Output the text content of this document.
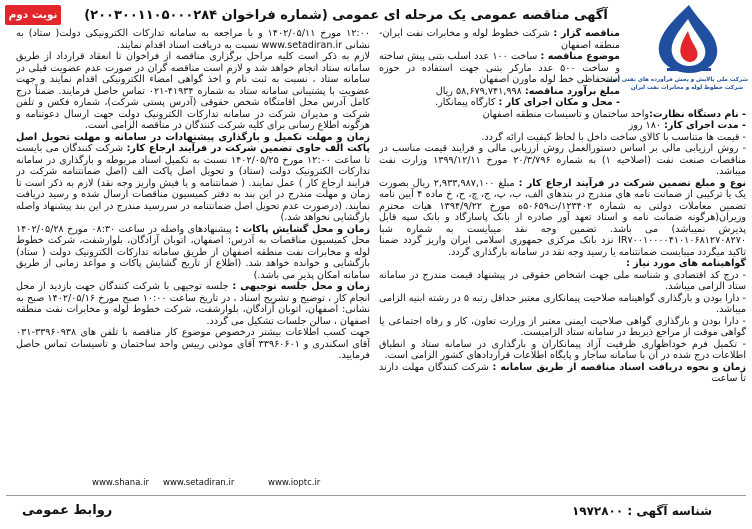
نوبت دوم	آگهی مناقصه عمومی یک مرحله ای عمومی (شماره فراخوان ۲۰۰۳۰۰۱۱۰۵۰۰۰۲۸۴)
شرکت ملی پالایش و پخش فرآورده های نفتی ایران
شرکت خطوط لوله و مخابرات نفت ایران

مناقصه گزار : شرکت خطوط لوله و مخابرات نفت ایران-منطقه اصفهان

موضوع مناقصه : ساخت ۱۰۰ عدد اسلب بتنی پیش ساخته و ساخت ۵۰۰ عدد مارکر بتنی جهت استفاده در حوزه استحفاظی خط لوله ماورن اصفهان

مبلغ برآورد مناقصه: ۵۸,۶۷۹,۷۴۱,۹۹۸ ریال

- محل و مکان اجرای کار : کارگاه پیمانکار.

- نام دستگاه نظارت:واحد ساختمان و تاسیسات منطقه اصفهان

- مدت اجرای کار: ۱۸۰ روز

- قیمت ها متناسب با کالای ساخت داخل با لحاظ کیفیت ارائه گردد.

- روش ارزیابی مالی بر اساس دستورالعمل روش ارزیابی مالی و فرایند قیمت مناسب در مناقصات صنعت نفت (اصلاحیه ۱) به شماره ۲۰/۳/۷۹۶ مورخ ۱۳۹۹/۱۲/۱۱ وزارت نفت میباشد.

نوع و مبلغ تضمین شرکت در فرآیند ارجاع کار : مبلغ ۲,۹۳۳,۹۸۷,۱۰۰ ریال بصورت یک یا ترکیبی از ضمانت نامه های مندرج در بندهای الف، ب، پ، ج، چ، ح، خ ماده ۴ آیین نامه تضمین معاملات دولتی به شماره ۱۲۳۴۰۲/ت۵۰۶۵۹ه مورخ ۱۳۹۴/۹/۲۲ هیات محترم وزیران(هرگونه ضمانت نامه و اسناد تعهد آور صادره از بانک پاسارگاد و بانک سپه قابل پذیرش نمیباشد) می باشد. تضمین وجه نقد میبایست به شماره شبا IR۷۰۰۱۰۰۰۰۴۱۰۱۰۶۸۱۲۷۰۸۲۷۰ نزد بانک مرکزی جمهوری اسلامی ایران واریز گردد ضمنا تاکید میگردد میبایست ضمانتنامه یا رسید وجه نقد در سامانه بارگذاری گردد.

گواهینامه های مورد نیاز :

- درج کد اقتصادی و شناسه ملی جهت اشخاص حقوقی در پیشنهاد قیمت مندرج در سامانه ستاد الزامی میباشد.

- دارا بودن و بارگذاری گواهینامه صلاحیت پیمانکاری معتبر حداقل رتبه ۵ در رشته ابنیه الزامی میباشد.

- دارا بودن و بارگذاری گواهی صلاحیت ایمنی معتبر از وزارت تعاون، کار و رفاه اجتماعی یا گواهی موقت از مراجع ذیربط در سامانه ستاد الزامیست.

- تکمیل فرم خوداظهاری ظرفیت آزاد پیمانکاران و بارگذاری در سامانه ستاد و انطباق اطلاعات درج شده در آن با سامانه ساجار و پایگاه اطلاعات قراردادهای کشور الزامی است.

زمان و نحوه دریافت اسناد مناقصه از طریق سامانه : شرکت کنندگان مهلت دارند تا ساعت

۱۲:۰۰ مورخ ۱۴۰۲/۰۵/۱۱ و با مراجعه به سامانه تدارکات الکترونیکی دولت( ستاد) به نشانی www.setadiran.ir نسبت به دریافت اسناد اقدام نمایند.

لازم به ذکر است کلیه مراحل برگزاری مناقصه از فراخوان تا انعقاد قرارداد از طریق سامانه ستاد انجام خواهد شد و لازم است مناقصه گران در صورت عدم عضویت قبلی در سامانه ستاد ، نسبت به ثبت نام و اخذ گواهی امضاء الکترونیکی اقدام نمایند و جهت عضویت با پشتیبانی سامانه ستاد به شماره ۴۱۹۳۴-۰۲۱ تماس حاصل فرمایند. ضمناً درج کامل آدرس محل اقامتگاه شخص حقوقی (آدرس پستی شرکت)، شماره فکس و تلفن شرکت و مدیران شرکت در سامانه تدارکات الکترونیک دولت جهت ارسال دعوتنامه و هرگونه اطلاع رسانی برای کلیه شرکت کنندگان در مناقصه الزامی است.

زمان و مهلت تکمیل و بارگذاری پیشنهادات در سامانه و مهلت تحویل اصل پاکت الف حاوی تضمین شرکت در فرآیند ارجاع کار: شرکت کنندگان می بایست تا ساعت ۱۲:۰۰ مورخ ۱۴۰۲/۰۵/۲۵ نسبت به تکمیل اسناد مربوطه و بارگذاری در سامانه تدارکات الکترونیک دولت (ستاد) و تحویل اصل پاکت الف (اصل ضمانتنامه شرکت در فرایند ارجاع کار ) عمل نمایند. ( ضمانتنامه و یا فیش واریز وجه نقد) لازم به ذکر است تا زمان و مهلت مندرج در این بند به دفتر کمیسیون مناقصات ارسال شده و رسید دریافت نمایند. (درصورت عدم تحویل اصل ضمانتنامه در سررسید مندرج در این بند پیشنهاد واصله بازگشایی نخواهد شد.)

زمان و محل گشایش پاکات : پیشنهادهای واصله در ساعت ۰۸:۳۰ مورخ ۱۴۰۲/۰۵/۲۸ محل کمیسیون مناقصات به آدرس: اصفهان، اتوبان آزادگان، بلوارشفت، شرکت خطوط لوله و مخابرات نفت منطقه اصفهان از طریق سامانه تدارکات الکترونیک دولت ( ستاد) بازگشایی و خوانده خواهد شد. (اطلاع از تاریخ گشایش پاکات و مواعد زمانی از طریق سامانه امکان پذیر می باشد.)

زمان و محل جلسه توجیهی : جلسه توجیهی با شرکت کنندگان جهت بازدید از محل انجام کار ، توضیح و تشریح اسناد ، در تاریخ ساعت ۱۰:۰۰ صبح مورخ ۱۴۰۲/۰۵/۱۶ صبح به نشانی: اصفهان، اتوبان آزادگان، بلوارشفت، شرکت خطوط لوله و مخابرات نفت منطقه اصفهان ، سالن جلسات تشکیل می گردد.

جهت کسب اطلاعات بیشتر درخصوص موضوع کار مناقصه با تلفن های ۳۳۹۶۰۹۳۸-۰۳۱ آقای اسکندری و ۳۳۹۶۰۶۰۱ آقای موذنی رییس واحد ساختمان و تاسیسات تماس حاصل فرمایید.

www.shana.ir www.setadiran.ir	www.ioptc.ir
روابط عمومی	شناسه آگهی : ۱۹۷۲۸۰۰
